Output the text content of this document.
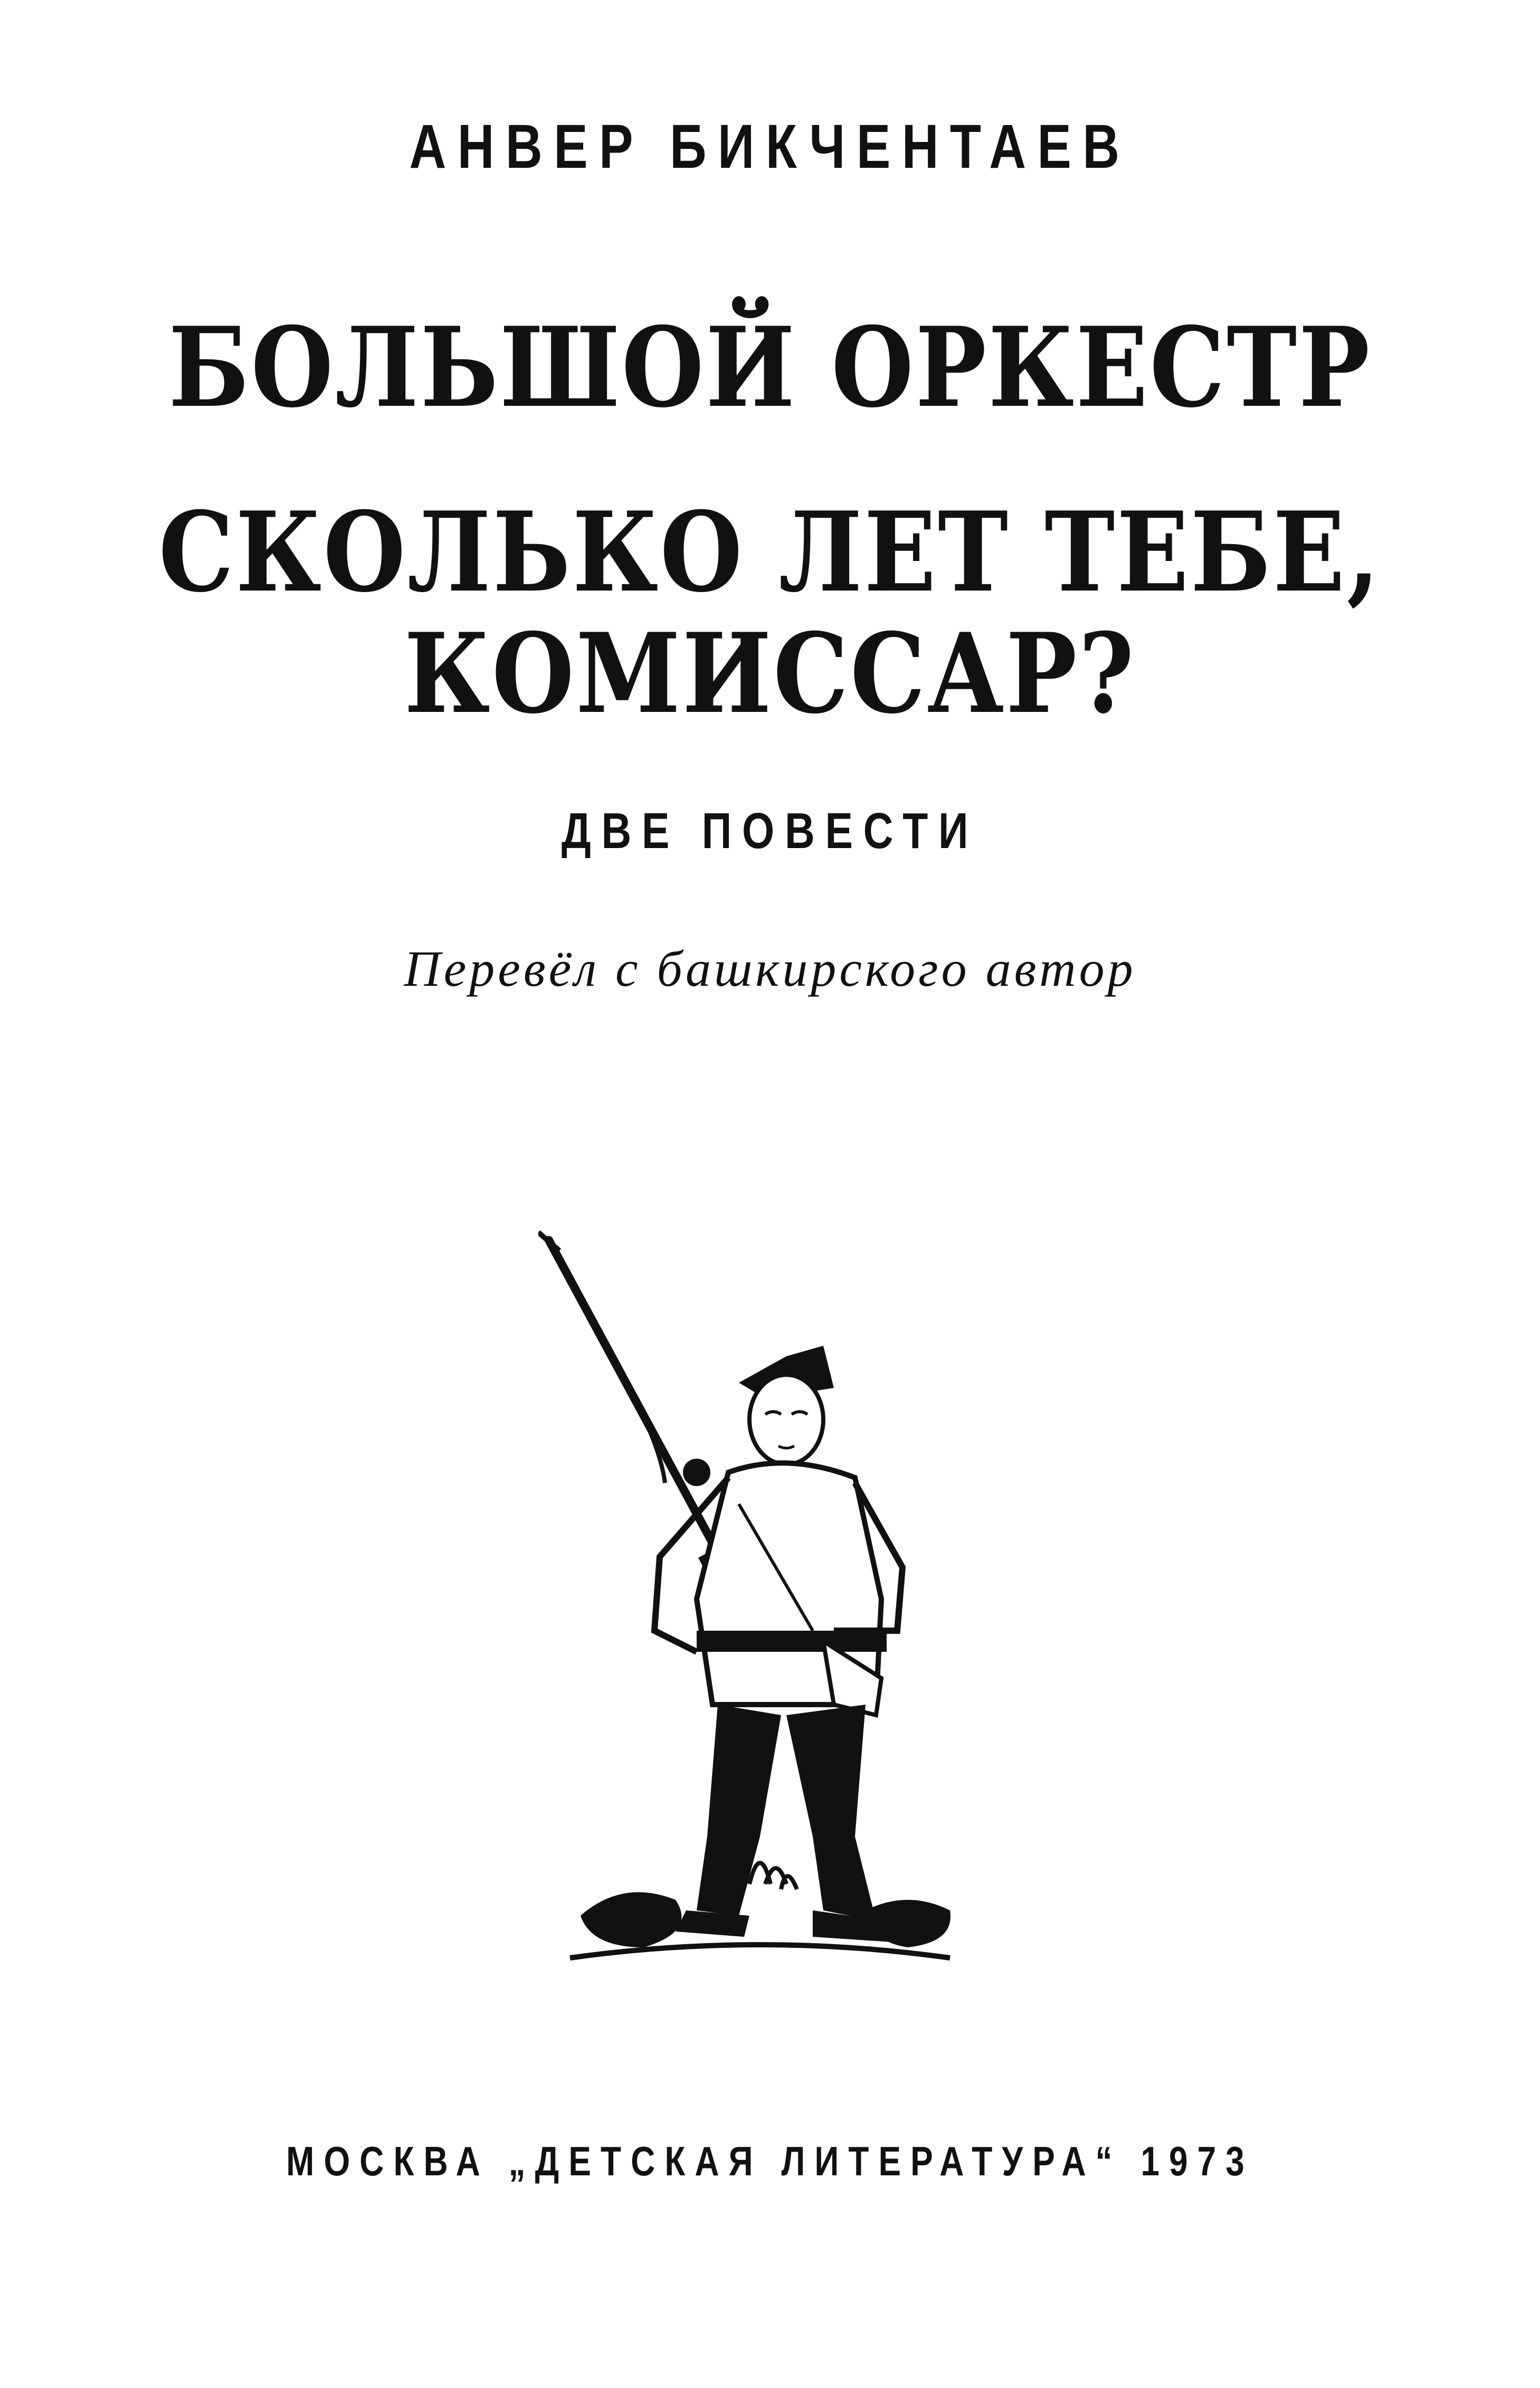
АНВЕР БИКЧЕНТАЕВ
БОЛЬШОЙ ОРКЕСТР
СКОЛЬКО ЛЕТ ТЕБЕ,
КОМИССАР?
ДВЕ ПОВЕСТИ
Перевёл с башкирского автор
МОСКВА „ДЕТСКАЯ ЛИТЕРАТУРА“ 1973
